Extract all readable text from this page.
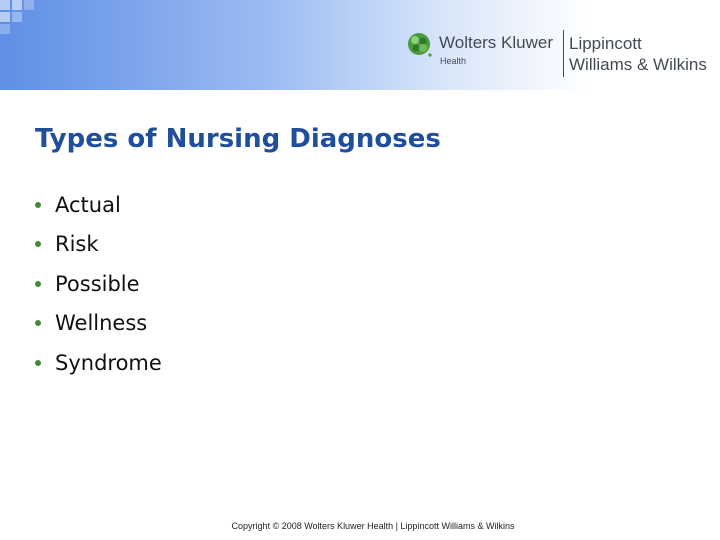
Wolters Kluwer
Health
Lippincott
Williams & Wilkins
Types of Nursing Diagnoses
Actual
Risk
Possible
Wellness
Syndrome
Copyright © 2008 Wolters Kluwer Health | Lippincott Williams & Wilkins
